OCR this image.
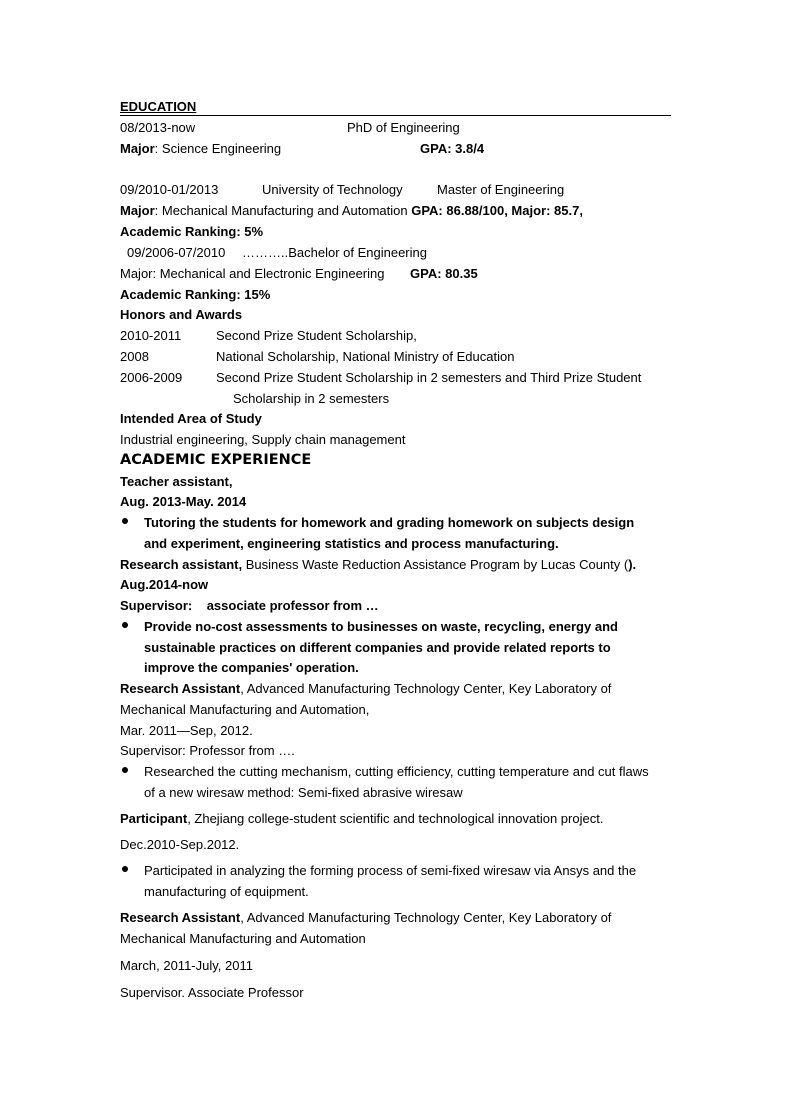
EDUCATION
08/2013-now	PhD of Engineering
Major: Science Engineering	GPA: 3.8/4
09/2010-01/2013	University of Technology	Master of Engineering
Major: Mechanical Manufacturing and Automation GPA: 86.88/100, Major: 85.7,
Academic Ranking: 5%
09/2006-07/2010 ………..Bachelor of Engineering
Major: Mechanical and Electronic Engineering GPA: 80.35
Academic Ranking: 15%
Honors and Awards
2010-2011	Second Prize Student Scholarship,
2008	National Scholarship, National Ministry of Education
2006-2009	Second Prize Student Scholarship in 2 semesters and Third Prize Student
Scholarship in 2 semesters
Intended Area of Study
Industrial engineering, Supply chain management
ACADEMIC EXPERIENCE
Teacher assistant,
Aug. 2013-May. 2014
Tutoring the students for homework and grading homework on subjects design
and experiment, engineering statistics and process manufacturing.
Research assistant, Business Waste Reduction Assistance Program by Lucas County ().
Aug.2014-now
Supervisor:    associate professor from …
Provide no-cost assessments to businesses on waste, recycling, energy and
sustainable practices on different companies and provide related reports to
improve the companies' operation.
Research Assistant, Advanced Manufacturing Technology Center, Key Laboratory of
Mechanical Manufacturing and Automation,
Mar. 2011—Sep, 2012.
Supervisor: Professor from ….
Researched the cutting mechanism, cutting efficiency, cutting temperature and cut flaws
of a new wiresaw method: Semi-fixed abrasive wiresaw
Participant, Zhejiang college-student scientific and technological innovation project.
Dec.2010-Sep.2012.
Participated in analyzing the forming process of semi-fixed wiresaw via Ansys and the
manufacturing of equipment.
Research Assistant, Advanced Manufacturing Technology Center, Key Laboratory of
Mechanical Manufacturing and Automation
March, 2011-July, 2011
Supervisor. Associate Professor
